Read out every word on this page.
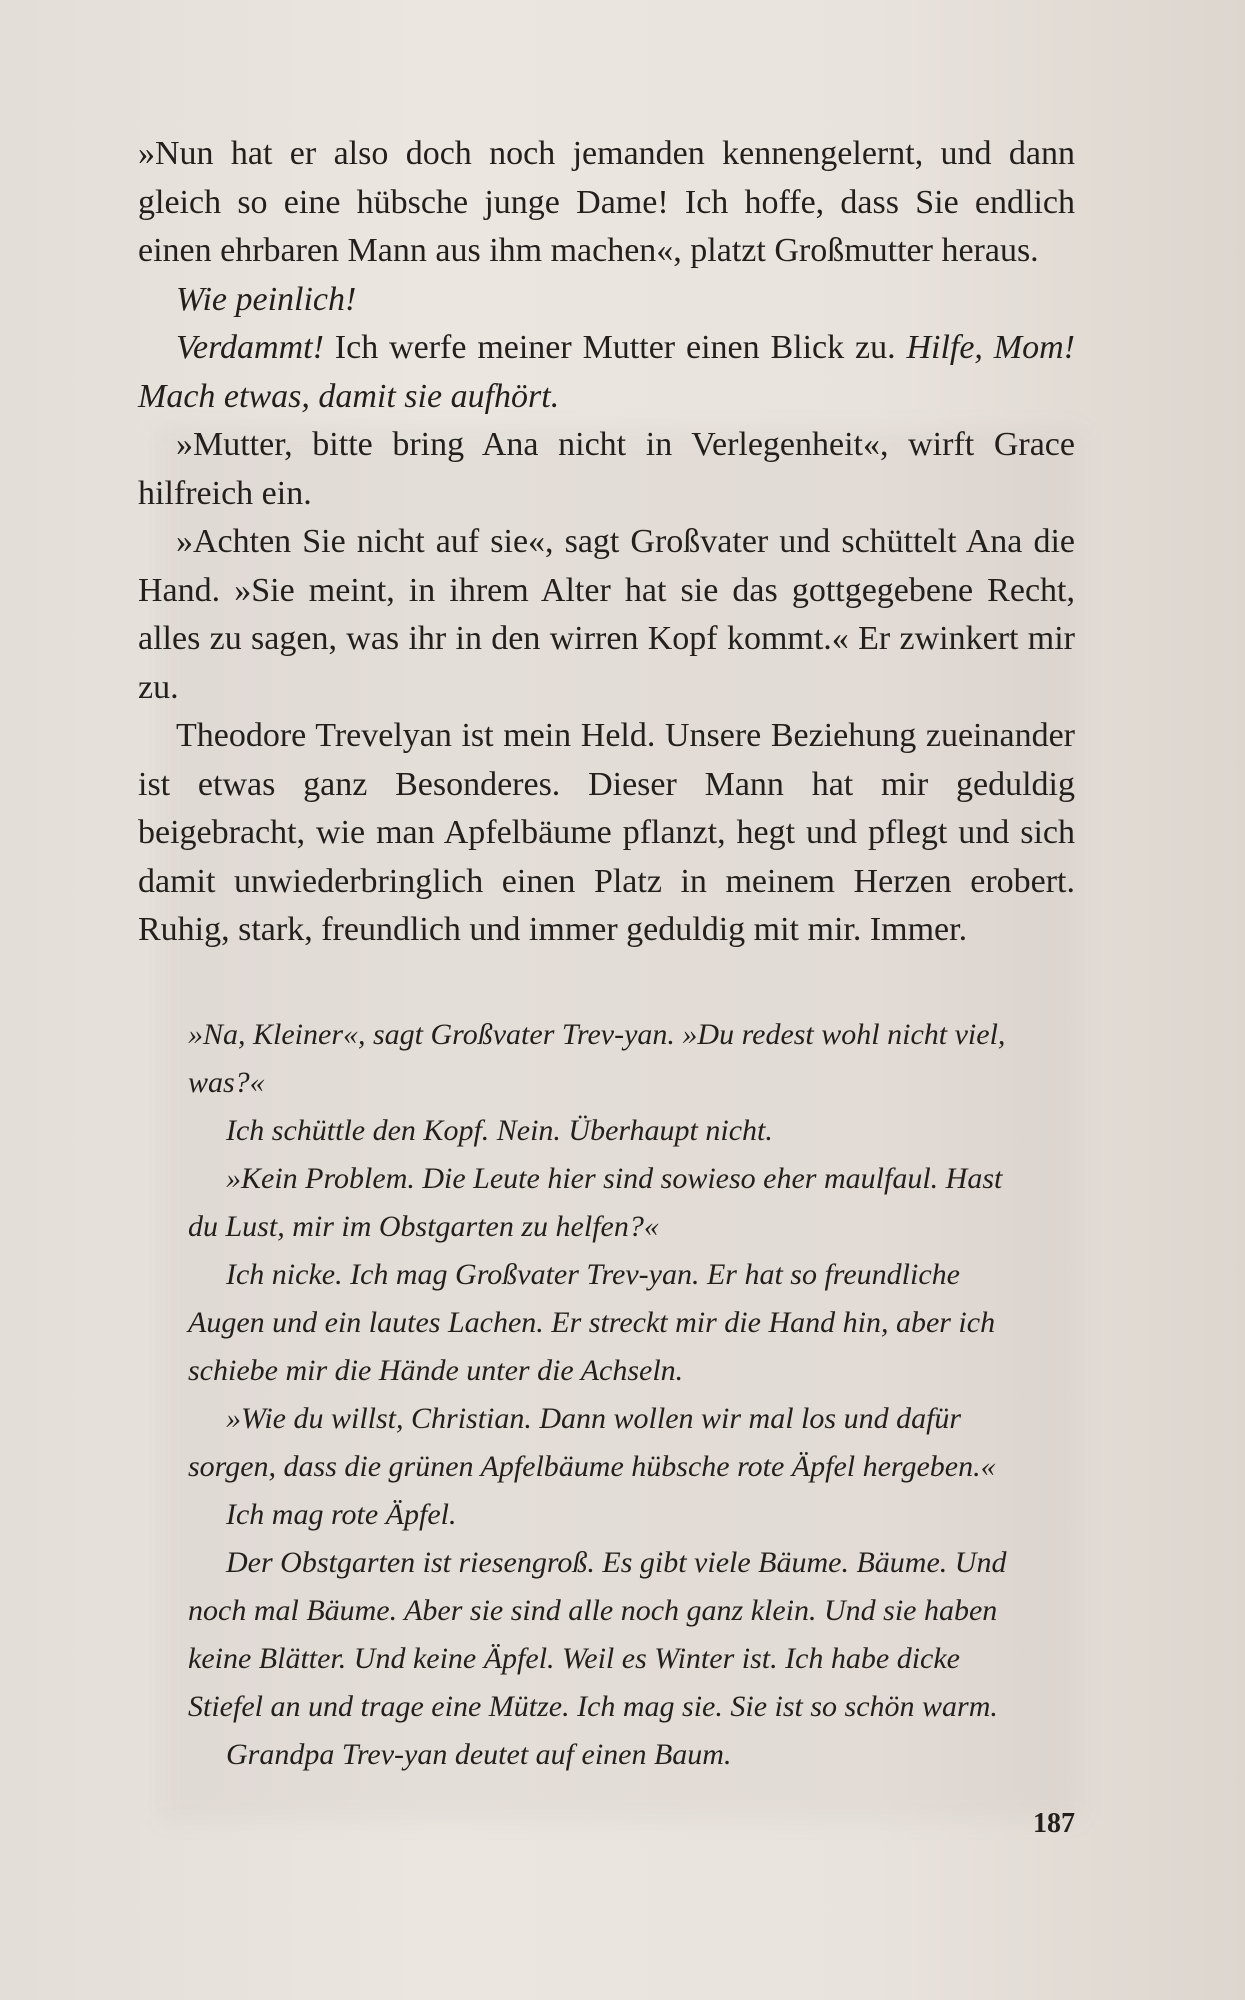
»Nun hat er also doch noch jemanden kennengelernt, und dann gleich so eine hübsche junge Dame! Ich hoffe, dass Sie endlich einen ehrbaren Mann aus ihm machen«, platzt Großmutter heraus.

Wie peinlich!

Verdammt! Ich werfe meiner Mutter einen Blick zu. Hilfe, Mom! Mach etwas, damit sie aufhört.

»Mutter, bitte bring Ana nicht in Verlegenheit«, wirft Grace hilfreich ein.

»Achten Sie nicht auf sie«, sagt Großvater und schüttelt Ana die Hand. »Sie meint, in ihrem Alter hat sie das gottgegebene Recht, alles zu sagen, was ihr in den wirren Kopf kommt.« Er zwinkert mir zu.

Theodore Trevelyan ist mein Held. Unsere Beziehung zueinander ist etwas ganz Besonderes. Dieser Mann hat mir geduldig beigebracht, wie man Apfelbäume pflanzt, hegt und pflegt und sich damit unwiederbringlich einen Platz in meinem Herzen erobert. Ruhig, stark, freundlich und immer geduldig mit mir. Immer.

»Na, Kleiner«, sagt Großvater Trev-yan. »Du redest wohl nicht viel, was?«

Ich schüttle den Kopf. Nein. Überhaupt nicht.

»Kein Problem. Die Leute hier sind sowieso eher maulfaul. Hast du Lust, mir im Obstgarten zu helfen?«

Ich nicke. Ich mag Großvater Trev-yan. Er hat so freundliche Augen und ein lautes Lachen. Er streckt mir die Hand hin, aber ich schiebe mir die Hände unter die Achseln.

»Wie du willst, Christian. Dann wollen wir mal los und dafür sorgen, dass die grünen Apfelbäume hübsche rote Äpfel hergeben.«

Ich mag rote Äpfel.

Der Obstgarten ist riesengroß. Es gibt viele Bäume. Bäume. Und noch mal Bäume. Aber sie sind alle noch ganz klein. Und sie haben keine Blätter. Und keine Äpfel. Weil es Winter ist. Ich habe dicke Stiefel an und trage eine Mütze. Ich mag sie. Sie ist so schön warm.

Grandpa Trev-yan deutet auf einen Baum.

187
